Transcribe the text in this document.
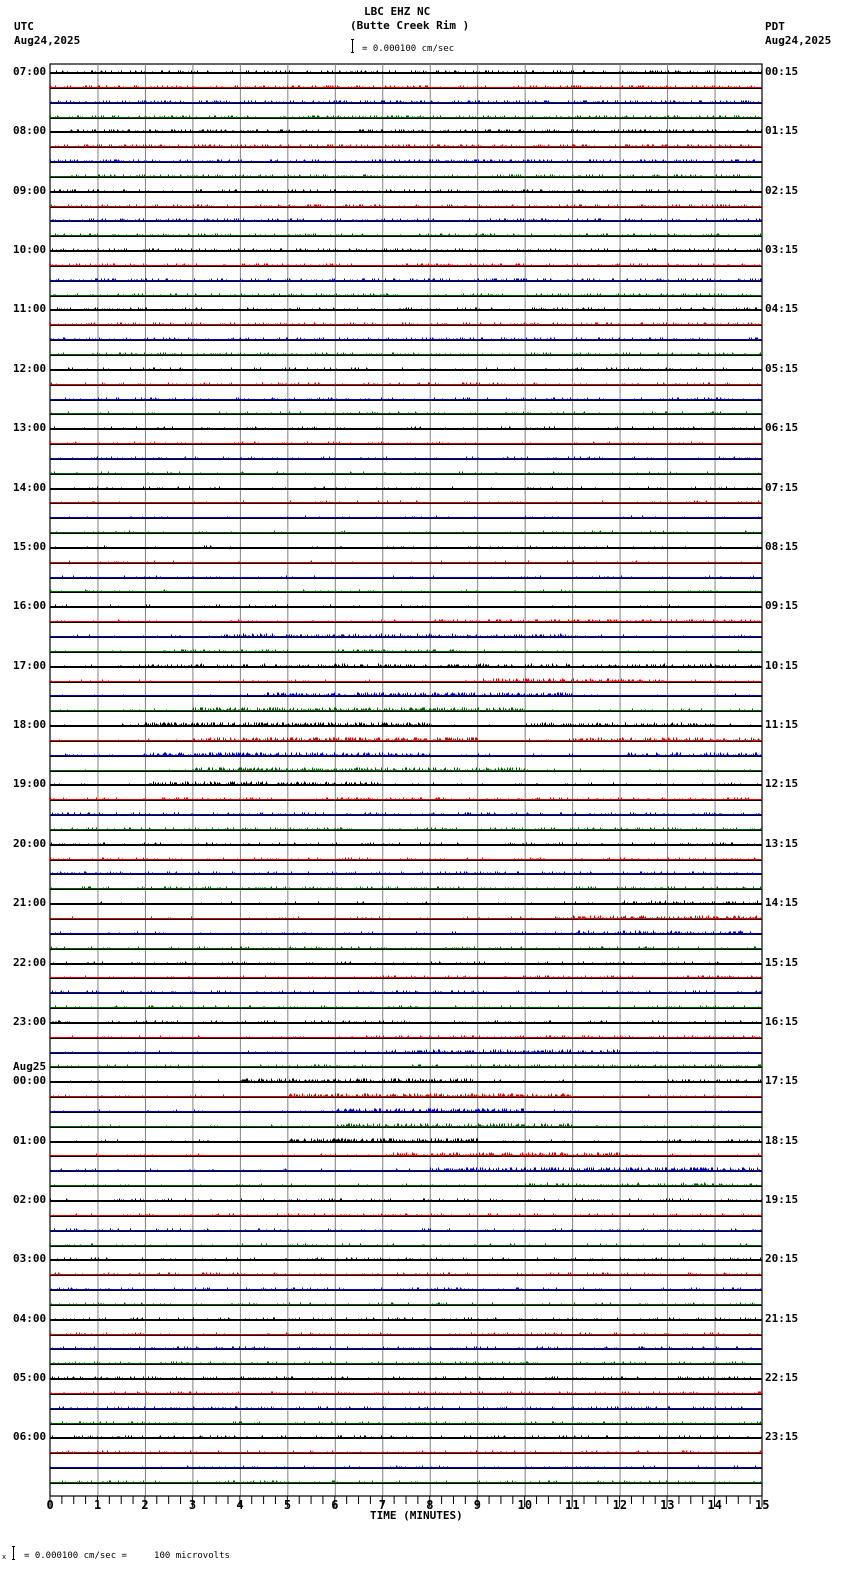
LBC EHZ NC
(Butte Creek Rim )
UTC
Aug24,2025
PDT
Aug24,2025
= 0.000100 cm/sec
0	1	2	3	4	5	6	7	8	9	10	11	12	13	14	15
TIME (MINUTES)
07:00
08:00
09:00
10:00
11:00
12:00
13:00
14:00
15:00
16:00
17:00
18:00
19:00
20:00
21:00
22:00
23:00
00:00
01:00
02:00
03:00
04:00
05:00
06:00
00:15
01:15
02:15
03:15
04:15
05:15
06:15
07:15
08:15
09:15
10:15
11:15
12:15
13:15
14:15
15:15
16:15
17:15
18:15
19:15
20:15
21:15
22:15
23:15
Aug25
x = 0.000100 cm/sec =     100 microvolts
